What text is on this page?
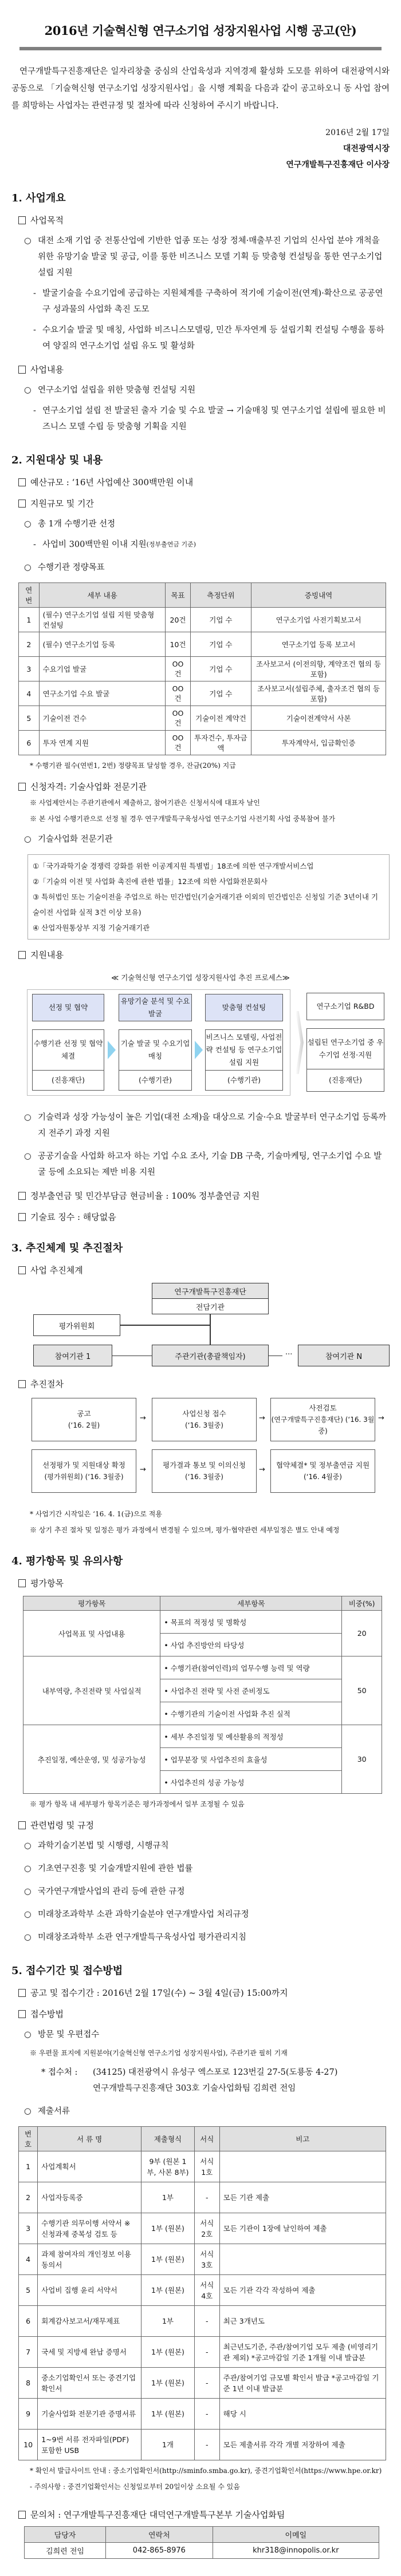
2016년 기술혁신형 연구소기업 성장지원사업 시행 공고(안)

연구개발특구진흥재단은 일자리창출 중심의 산업육성과 지역경제 활성화 도모를 위하여 대전광역시와 공동으로 「기술혁신형 연구소기업 성장지원사업」을 시행 계획을 다음과 같이 공고하오니 동 사업 참여를 희망하는 사업자는 관련규정 및 절차에 따라 신청하여 주시기 바랍니다.

2016년 2월 17일
대전광역시장
연구개발특구진흥재단 이사장
1. 사업개요
사업목적
○ 대전 소재 기업 중 전통산업에 기반한 업종 또는 성장 정체·매출부진 기업의 신사업 분야 개척을 위한 유망기술 발굴 및 공급, 이를 통한 비즈니스 모델 기획 등 맞춤형 컨설팅을 통한 연구소기업 설립 지원
- 발굴기술을 수요기업에 공급하는 지원체계를 구축하여 적기에 기술이전(연계)·확산으로 공공연구 성과물의 사업화 촉진 도모
- 수요기술 발굴 및 매칭, 사업화 비즈니스모델링, 민간 투자연계 등 설립기획 컨설팅 수행을 통하여 양질의 연구소기업 설립 유도 및 활성화
사업내용
○ 연구소기업 설립을 위한 맞춤형 컨설팅 지원
- 연구소기업 설립 전 발굴된 출자 기술 및 수요 발굴 → 기술매칭 및 연구소기업 설립에 필요한 비즈니스 모델 수립 등 맞춤형 기획을 지원
2. 지원대상 및 내용
예산규모 : ‘16년 사업예산 300백만원 이내
지원규모 및 기간
○ 총 1개 수행기관 선정
- 사업비 300백만원 이내 지원 (정부출연금 기준)
○ 수행기관 정량목표
연번	세부 내용	목표	측정단위	증빙내역
1	(필수) 연구소기업 설립 지원 맞춤형 컨설팅	20건	기업 수	연구소기업 사전기획보고서
2	(필수) 연구소기업 등록	10건	기업 수	연구소기업 등록 보고서
3	수요기업 발굴	OO건	기업 수	조사보고서 (이전의향, 계약조건 협의 등 포함)
4	연구소기업 수요 발굴	OO건	기업 수	조사보고서(설립주체, 출자조건 협의 등 포함)
5	기술이전 건수	OO건	기술이전 계약건	기술이전계약서 사본
6	투자 연계 지원	OO건	투자건수, 투자금액	투자계약서, 입금확인증
* 수행기관 필수(연번1, 2번) 정량목표 달성할 경우, 잔금(20%) 지급
신청자격: 기술사업화 전문기관
※ 사업제안서는 주관기관에서 제출하고, 참여기관은 신청서식에 대표자 날인
※ 본 사업 수행기관으로 선정 될 경우 연구개발특구육성사업 연구소기업 사전기획 사업 중복참여 불가
○ 기술사업화 전문기관
①「국가과학기술 경쟁력 강화를 위한 이공계지원 특별법」18조에 의한 연구개발서비스업
②「기술의 이전 및 사업화 촉진에 관한 법률」12조에 의한 사업화전문회사
③ 특허법인 또는 기술이전을 주업으로 하는 민간법인(기술거래기관 이외의 민간법인은 신청일 기준 3년이내 기술이전 사업화 실적 3건 이상 보유)
④ 산업자원통상부 지정 기술거래기관
지원내용
≪ 기술혁신형 연구소기업 성장지원사업 추진 프로세스≫
선정 및 협약
수행기관 선정 및 협약체결
(진흥재단)
유망기술 분석 및 수요발굴
기술 발굴 및 수요기업 매칭
(수행기관)
맞춤형 컨설팅
비즈니스 모델링, 사업전략 컨설팅 등 연구소기업 설립 지원
(수행기관)
연구소기업 R&BD
설립된 연구소기업 중 우수기업 선정·지원
(진흥재단)
○ 기술력과 성장 가능성이 높은 기업(대전 소재)을 대상으로 기술·수요 발굴부터 연구소기업 등록까지 전주기 과정 지원
○ 공공기술을 사업화 하고자 하는 기업 수요 조사, 기술 DB 구축, 기술마케팅, 연구소기업 수요 발굴 등에 소요되는 제반 비용 지원
정부출연금 및 민간부담금 현금비율 : 100% 정부출연금 지원
기술료 징수 : 해당없음
3. 추진체계 및 추진절차
사업 추진체계
연구개발특구진흥재단
전담기관
평가위원회
참여기관 1	주관기관(총괄책임자)	···	참여기관 N
추진절차
공고
(‘16. 2월)
→
사업신청 접수
(‘16. 3월중)
→
사전검토
(연구개발특구진흥재단) (‘16. 3월중)
→
선정평가 및 지원대상 확정
(평가위원회) (‘16. 3월중)
→
평가결과 통보 및 이의신청
(‘16. 3월중)
→
협약체결* 및 정부출연금 지원
(‘16. 4월중)
* 사업기간 시작일은 ‘16. 4. 1(금)으로 적용
※ 상기 추진 절차 및 일정은 평가 과정에서 변경될 수 있으며, 평가·협약관련 세부일정은 별도 안내 예정
4. 평가항목 및 유의사항
평가항목
평가항목	세부항목	비중(%)
사업목표 및 사업내용	• 목표의 적정성 및 명확성	20
	• 사업 추진방안의 타당성	
내부역량, 추진전략 및 사업실적	• 수행기관(참여인력)의 업무수행 능력 및 역량	50
	• 사업추진 전략 및 사전 준비정도	
	• 수행기관의 기술이전 사업화 추진 실적	
추진일정, 예산운영, 및 성공가능성	• 세부 추진일정 및 예산활용의 적정성	30
	• 업무분장 및 사업추진의 효율성	
	• 사업추진의 성공 가능성	
※ 평가 항목 내 세부평가 항목기준은 평가과정에서 일부 조정될 수 있음
관련법령 및 규정
○ 과학기술기본법 및 시행령, 시행규칙
○ 기초연구진흥 및 기술개발지원에 관한 법률
○ 국가연구개발사업의 관리 등에 관한 규정
○ 미래창조과학부 소관 과학기술분야 연구개발사업 처리규정
○ 미래창조과학부 소관 연구개발특구육성사업 평가관리지침
5. 접수기간 및 접수방법
공고 및 접수기간 : 2016년 2월 17일(수) ~ 3월 4일(금) 15:00까지
접수방법
○ 방문 및 우편접수
※ 우편물 표지에 지원분야(기술혁신형 연구소기업 성장지원사업), 주관기관 필히 기재
* 접수처 :	(34125) 대전광역시 유성구 엑스포로 123번길 27-5(도룡동 4-27)
연구개발특구진흥재단 303호 기술사업화팀 김희련 전임
○ 제출서류
번호	서 류 명	제출형식	서식	비고
1	사업계획서	9부 (원본 1부, 사본 8부)	서식 1호	
2	사업자등록증	1부	-	모든 기관 제출
3	수행기관 의무이행 서약서 ※ 신청과제 중복성 검토 등	1부 (원본)	서식 2호	모든 기관이 1장에 날인하여 제출
4	과제 참여자의 개인정보 이용 동의서	1부 (원본)	서식 3호	
5	사업비 집행 윤리 서약서	1부 (원본)	서식 4호	모든 기관 각각 작성하여 제출
6	회계감사보고서/재무제표	1부	-	최근 3개년도
7	국세 및 지방세 완납 증명서	1부 (원본)	-	최근년도기준, 주관/참여기업 모두 제출 (비영리기관 제외) *공고마감일 기준 1개월 이내 발급분
8	중소기업확인서 또는 중견기업확인서	1부 (원본)	-	주관/참여기업 규모별 확인서 발급 *공고마감일 기준 1년 이내 발급분
9	기술사업화 전문기관 증명서류	1부 (원본)	-	해당 시
10	1~9번 서류 전자파일(PDF) 포함한 USB	1개	-	모든 제출서류 각각 개별 저장하여 제출
* 확인서 발급사이트 안내 : 중소기업확인서(http://sminfo.smba.go.kr), 중견기업확인서(https://www.hpe.or.kr)
- 주의사항 : 중견기업확인서는 신청일로부터 20일이상 소요될 수 있음
문의처 : 연구개발특구진흥재단 대덕연구개발특구본부 기술사업화팀
담당자	연락처	이메일
김희련 전임	042-865-8976	khr318@innopolis.or.kr
